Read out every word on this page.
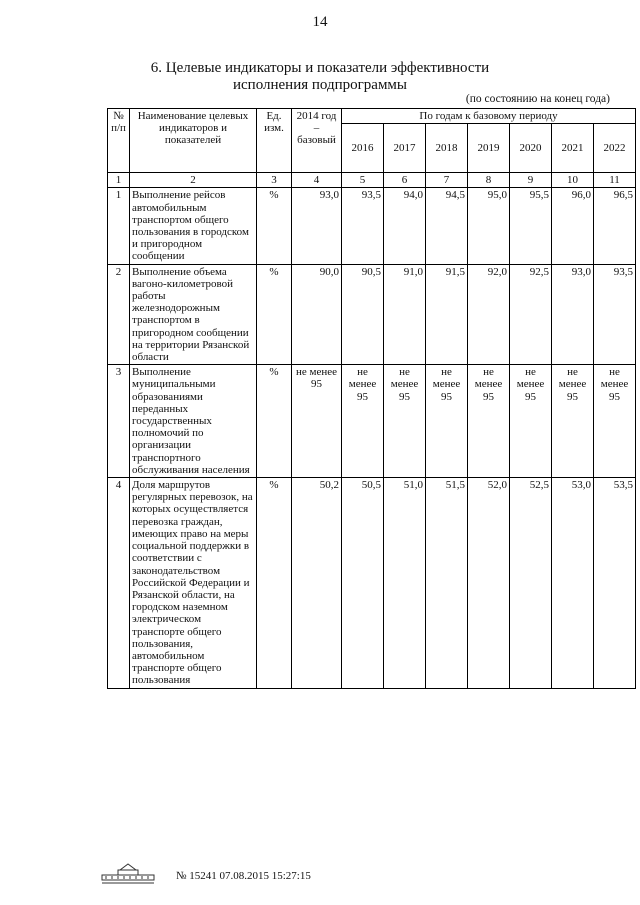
14
6. Целевые индикаторы и показатели эффективности
исполнения подпрограммы
(по состоянию на конец года)
№ п/п	Наименование целевых индикаторов и показателей	Ед. изм.	2014 год – базовый	По годам к базовому периоду						
				2016	2017	2018	2019	2020	2021	2022
1	2	3	4	5	6	7	8	9	10	11
1	Выполнение рейсов автомобильным транспортом общего пользования в городском и пригородном сообщении	%	93,0	93,5	94,0	94,5	95,0	95,5	96,0	96,5
2	Выполнение объема вагоно-километровой работы железнодорожным транспортом в пригородном сообщении на территории Рязанской области	%	90,0	90,5	91,0	91,5	92,0	92,5	93,0	93,5
3	Выполнение муниципальными образованиями переданных государственных полномочий по организации транспортного обслуживания населения	%	не менее 95	не менее 95	не менее 95	не менее 95	не менее 95	не менее 95	не менее 95	не менее 95
4	Доля маршрутов регулярных перевозок, на которых осуществляется перевозка граждан, имеющих право на меры социальной поддержки в соответствии с законодательством Российской Федерации и Рязанской области, на городском наземном электрическом транспорте общего пользования, автомобильном транспорте общего пользования	%	50,2	50,5	51,0	51,5	52,0	52,5	53,0	53,5
№ 15241 07.08.2015 15:27:15
